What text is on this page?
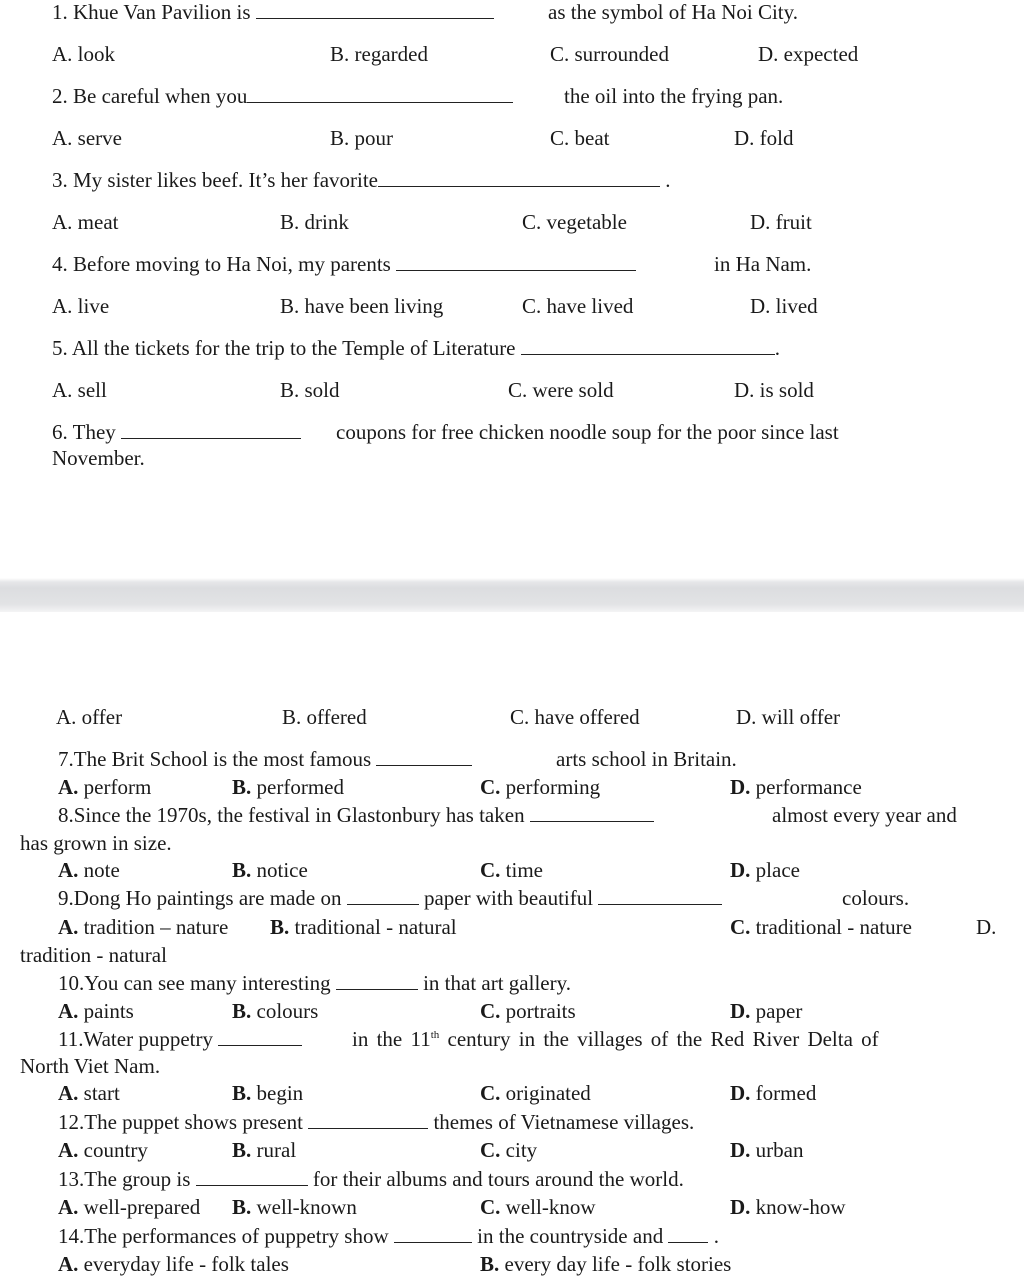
1. Khue Van Pavilion is	as the symbol of Ha Noi City.
A. look	B. regarded	C. surrounded	D. expected
2. Be careful when you	the oil into the frying pan.
A. serve	B. pour	C. beat	D. fold
3. My sister likes beef. It’s her favorite	.
A. meat	B. drink	C. vegetable	D. fruit
4. Before moving to Ha Noi, my parents	in Ha Nam.
A. live	B. have been living	C. have lived	D. lived
5. All the tickets for the trip to the Temple of Literature	.
A. sell	B. sold	C. were sold	D. is sold
6. They	coupons for free chicken noodle soup for the poor since last
November.
A. offer	B. offered	C. have offered	D. will offer
7.The Brit School is the most famous	arts school in Britain.
A. perform	B. performed	C. performing	D. performance
8.Since the 1970s, the festival in Glastonbury has taken	almost every year and
has grown in size.
A. note	B. notice	C. time	D. place
9.Dong Ho paintings are made on	paper with beautiful	colours.
A. tradition – nature B. traditional - natural	C. traditional - nature	D.
tradition - natural
10.You can see many interesting	in that art gallery.
A. paints	B. colours	C. portraits	D. paper
11.Water puppetry	in the 11th century in the villages of the Red River Delta of
North Viet Nam.
A. start	B. begin	C. originated	D. formed
12.The puppet shows present	themes of Vietnamese villages.
A. country	B. rural	C. city	D. urban
13.The group is	for their albums and tours around the world.
A. well-prepared B. well-known	C. well-know	D. know-how
14.The performances of puppetry show	in the countryside and .
A. everyday life - folk tales	B. every day life - folk stories
